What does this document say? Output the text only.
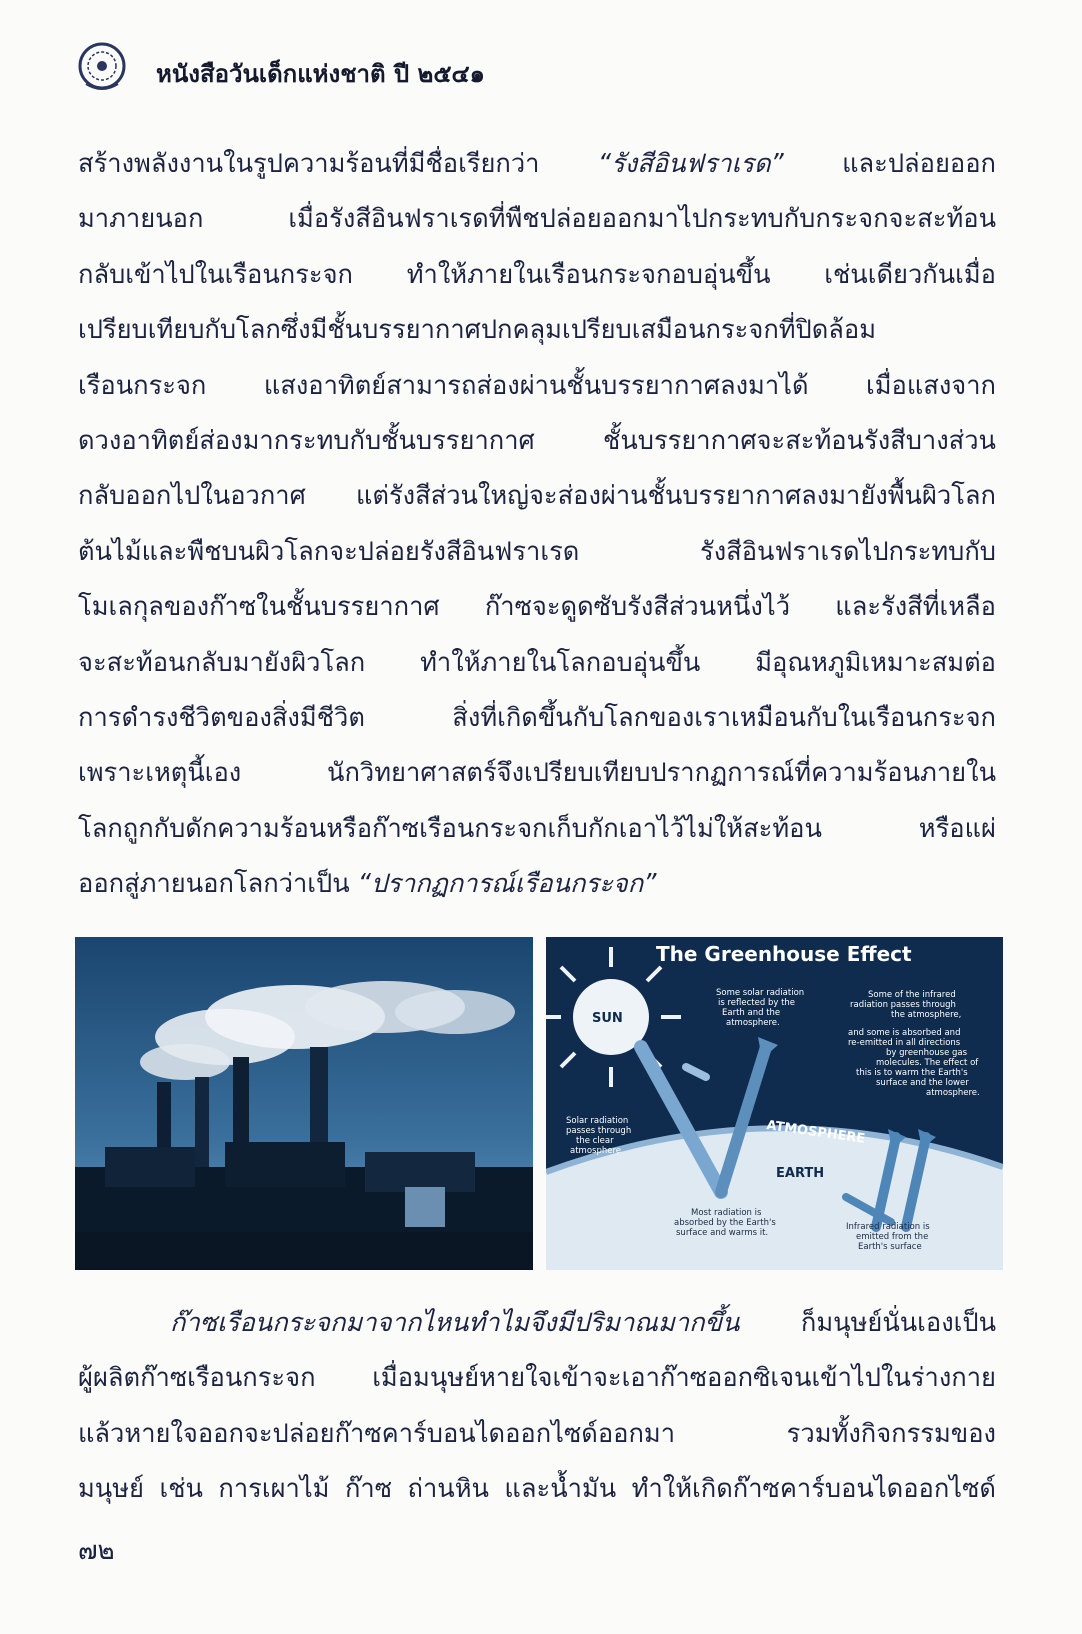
หนังสือวันเด็กแห่งชาติ ปี ๒๕๔๑
สร้างพลังงานในรูปความร้อนที่มีชื่อเรียกว่า “รังสีอินฟราเรด” และปล่อยออก
มาภายนอก เมื่อรังสีอินฟราเรดที่พืชปล่อยออกมาไปกระทบกับกระจกจะสะท้อน
กลับเข้าไปในเรือนกระจก ทำให้ภายในเรือนกระจกอบอุ่นขึ้น เช่นเดียวกันเมื่อ
เปรียบเทียบกับโลกซึ่งมีชั้นบรรยากาศปกคลุมเปรียบเสมือนกระจกที่ปิดล้อม
เรือนกระจก แสงอาทิตย์สามารถส่องผ่านชั้นบรรยากาศลงมาได้ เมื่อแสงจาก
ดวงอาทิตย์ส่องมากระทบกับชั้นบรรยากาศ ชั้นบรรยากาศจะสะท้อนรังสีบางส่วน
กลับออกไปในอวกาศ แต่รังสีส่วนใหญ่จะส่องผ่านชั้นบรรยากาศลงมายังพื้นผิวโลก
ต้นไม้และพืชบนผิวโลกจะปล่อยรังสีอินฟราเรด รังสีอินฟราเรดไปกระทบกับ
โมเลกุลของก๊าซในชั้นบรรยากาศ ก๊าซจะดูดซับรังสีส่วนหนึ่งไว้ และรังสีที่เหลือ
จะสะท้อนกลับมายังผิวโลก ทำให้ภายในโลกอบอุ่นขึ้น มีอุณหภูมิเหมาะสมต่อ
การดำรงชีวิตของสิ่งมีชีวิต สิ่งที่เกิดขึ้นกับโลกของเราเหมือนกับในเรือนกระจก
เพราะเหตุนี้เอง นักวิทยาศาสตร์จึงเปรียบเทียบปรากฏการณ์ที่ความร้อนภายใน
โลกถูกกับดักความร้อนหรือก๊าซเรือนกระจกเก็บกักเอาไว้ไม่ให้สะท้อน หรือแผ่
ออกสู่ภายนอกโลกว่าเป็น “ปรากฏการณ์เรือนกระจก”
SUN
The Greenhouse Effect
ATMOSPHERE
EARTH
Some solar radiation
is reflected by the
Earth and the
atmosphere.
Some of the infrared
radiation passes through
the atmosphere,
and some is absorbed and
re-emitted in all directions
by greenhouse gas
molecules. The effect of
this is to warm the Earth's
surface and the lower
atmosphere.
Solar radiation
passes through
the clear
atmosphere
Most radiation is
absorbed by the Earth's
surface and warms it.
Infrared radiation is
emitted from the
Earth's surface
ก๊าซเรือนกระจกมาจากไหนทำไมจึงมีปริมาณมากขึ้น ก็มนุษย์นั่นเองเป็น
ผู้ผลิตก๊าซเรือนกระจก เมื่อมนุษย์หายใจเข้าจะเอาก๊าซออกซิเจนเข้าไปในร่างกาย
แล้วหายใจออกจะปล่อยก๊าซคาร์บอนไดออกไซด์ออกมา รวมทั้งกิจกรรมของ
มนุษย์ เช่น การเผาไม้ ก๊าซ ถ่านหิน และน้ำมัน ทำให้เกิดก๊าซคาร์บอนไดออกไซด์
๗๒
